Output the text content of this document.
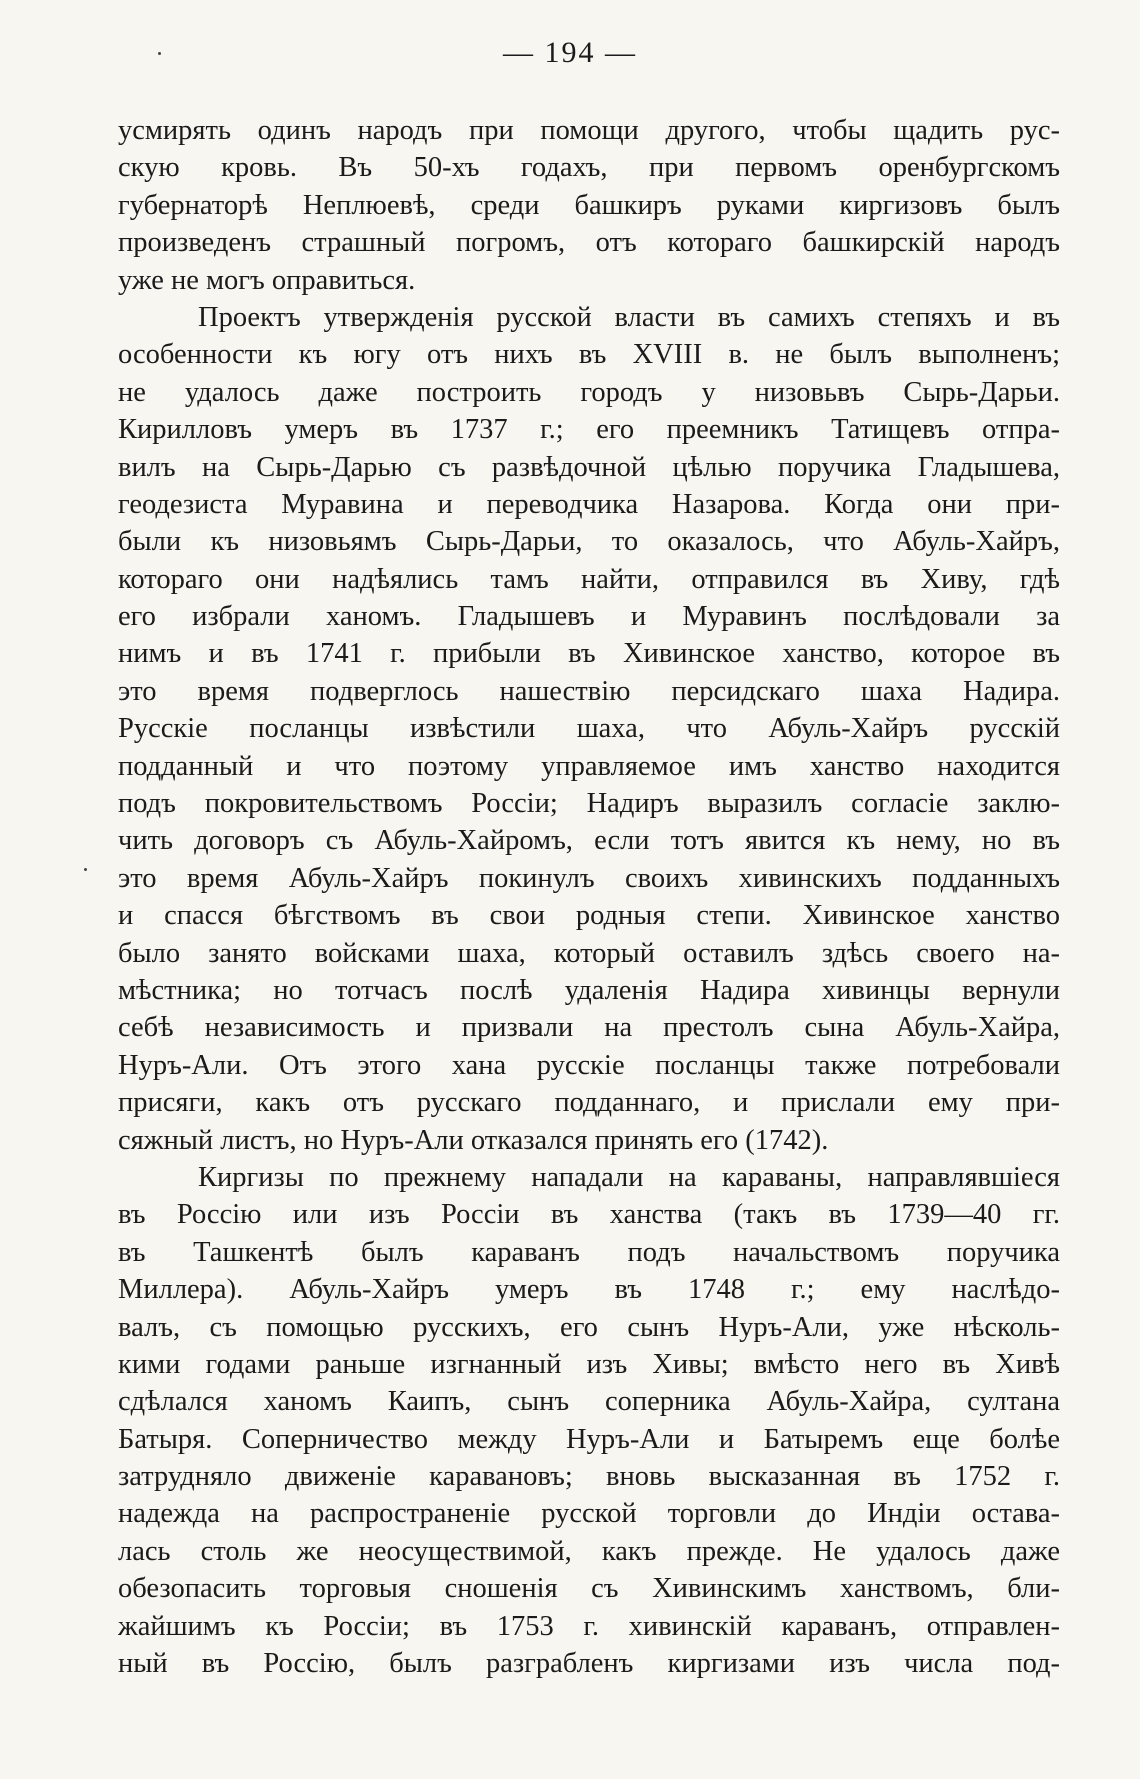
— 194 —
усмирять одинъ народъ при помощи другого, чтобы щадить рус-
скую кровь. Въ 50-хъ годахъ, при первомъ оренбургскомъ
губернаторѣ Неплюевѣ, среди башкиръ руками киргизовъ былъ
произведенъ страшный погромъ, отъ котораго башкирскій народъ
уже не могъ оправиться.
Проектъ утвержденія русской власти въ самихъ степяхъ и въ
особенности къ югу отъ нихъ въ XVIII в. не былъ выполненъ;
не удалось даже построить городъ у низовьвъ Сырь-Дарьи.
Кирилловъ умеръ въ 1737 г.; его преемникъ Татищевъ отпра-
вилъ на Сырь-Дарью съ развѣдочной цѣлью поручика Гладышева,
геодезиста Муравина и переводчика Назарова. Когда они при-
были къ низовьямъ Сырь-Дарьи, то оказалось, что Абуль-Хайръ,
котораго они надѣялись тамъ найти, отправился въ Хиву, гдѣ
его избрали ханомъ. Гладышевъ и Муравинъ послѣдовали за
нимъ и въ 1741 г. прибыли въ Хивинское ханство, которое въ
это время подверглось нашествію персидскаго шаха Надира.
Русскіе посланцы извѣстили шаха, что Абуль-Хайръ русскій
подданный и что поэтому управляемое имъ ханство находится
подъ покровительствомъ Россіи; Надиръ выразилъ согласіе заклю-
чить договоръ съ Абуль-Хайромъ, если тотъ явится къ нему, но въ
это время Абуль-Хайръ покинулъ своихъ хивинскихъ подданныхъ
и спасся бѣгствомъ въ свои родныя степи. Хивинское ханство
было занято войсками шаха, который оставилъ здѣсь своего на-
мѣстника; но тотчасъ послѣ удаленія Надира хивинцы вернули
себѣ независимость и призвали на престолъ сына Абуль-Хайра,
Нуръ-Али. Отъ этого хана русскіе посланцы также потребовали
присяги, какъ отъ русскаго подданнаго, и прислали ему при-
сяжный листъ, но Нуръ-Али отказался принять его (1742).
Киргизы по прежнему нападали на караваны, направлявшіеся
въ Россію или изъ Россіи въ ханства (такъ въ 1739—40 гг.
въ Ташкентѣ былъ караванъ подъ начальствомъ поручика
Миллера). Абуль-Хайръ умеръ въ 1748 г.; ему наслѣдо-
валъ, съ помощью русскихъ, его сынъ Нуръ-Али, уже нѣсколь-
кими годами раньше изгнанный изъ Хивы; вмѣсто него въ Хивѣ
сдѣлался ханомъ Каипъ, сынъ соперника Абуль-Хайра, султана
Батыря. Соперничество между Нуръ-Али и Батыремъ еще болѣе
затрудняло движеніе каравановъ; вновь высказанная въ 1752 г.
надежда на распространеніе русской торговли до Индіи остава-
лась столь же неосуществимой, какъ прежде. Не удалось даже
обезопасить торговыя сношенія съ Хивинскимъ ханствомъ, бли-
жайшимъ къ Россіи; въ 1753 г. хивинскій караванъ, отправлен-
ный въ Россію, былъ разграбленъ киргизами изъ числа под-
